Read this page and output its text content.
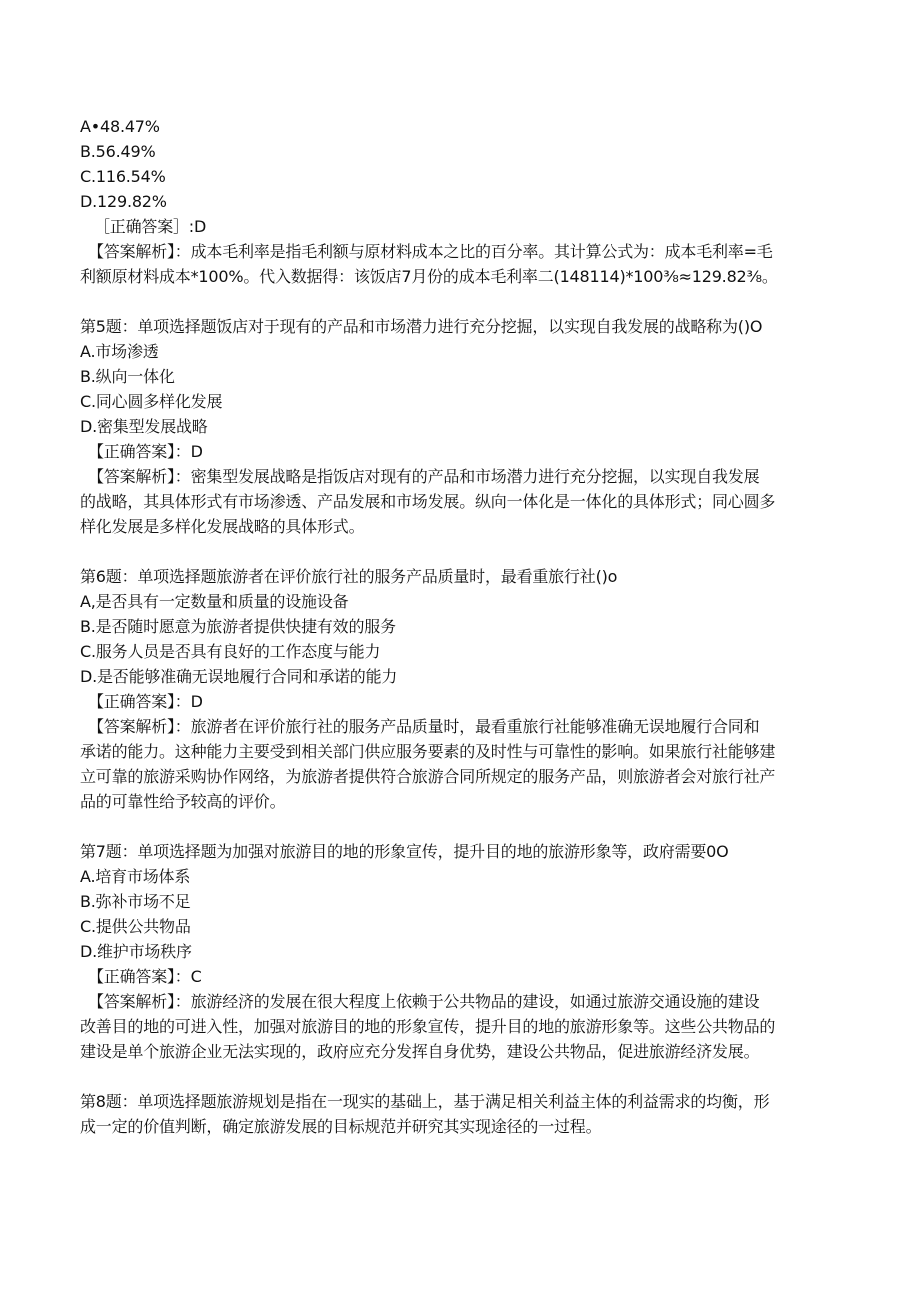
A•48.47%
B.56.49%
C.116.54%
D.129.82%
［正确答案］:D
【答案解析】：成本毛利率是指毛利额与原材料成本之比的百分率。其计算公式为：成本毛利率=毛
利额原材料成本*100%。代入数据得：该饭店7月份的成本毛利率二(148114)*100⅜≈129.82⅜。
第5题：单项选择题饭店对于现有的产品和市场潜力进行充分挖掘，以实现自我发展的战略称为()O
A.市场渗透
B.纵向一体化
C.同心圆多样化发展
D.密集型发展战略
【正确答案】：D
【答案解析】：密集型发展战略是指饭店对现有的产品和市场潜力进行充分挖掘，以实现自我发展
的战略，其具体形式有市场渗透、产品发展和市场发展。纵向一体化是一体化的具体形式；同心圆多
样化发展是多样化发展战略的具体形式。
第6题：单项选择题旅游者在评价旅行社的服务产品质量时，最看重旅行社()o
A,是否具有一定数量和质量的设施设备
B.是否随时愿意为旅游者提供快捷有效的服务
C.服务人员是否具有良好的工作态度与能力
D.是否能够准确无误地履行合同和承诺的能力
【正确答案】：D
【答案解析】：旅游者在评价旅行社的服务产品质量时，最看重旅行社能够准确无误地履行合同和
承诺的能力。这种能力主要受到相关部门供应服务要素的及时性与可靠性的影响。如果旅行社能够建
立可靠的旅游采购协作网络，为旅游者提供符合旅游合同所规定的服务产品，则旅游者会对旅行社产
品的可靠性给予较高的评价。
第7题：单项选择题为加强对旅游目的地的形象宣传，提升目的地的旅游形象等，政府需要0O
A.培育市场体系
B.弥补市场不足
C.提供公共物品
D.维护市场秩序
【正确答案】：C
【答案解析】：旅游经济的发展在很大程度上依赖于公共物品的建设，如通过旅游交通设施的建设
改善目的地的可进入性，加强对旅游目的地的形象宣传，提升目的地的旅游形象等。这些公共物品的
建设是单个旅游企业无法实现的，政府应充分发挥自身优势，建设公共物品，促进旅游经济发展。
第8题：单项选择题旅游规划是指在一现实的基础上，基于满足相关利益主体的利益需求的均衡，形
成一定的价值判断，确定旅游发展的目标规范并研究其实现途径的一过程。
